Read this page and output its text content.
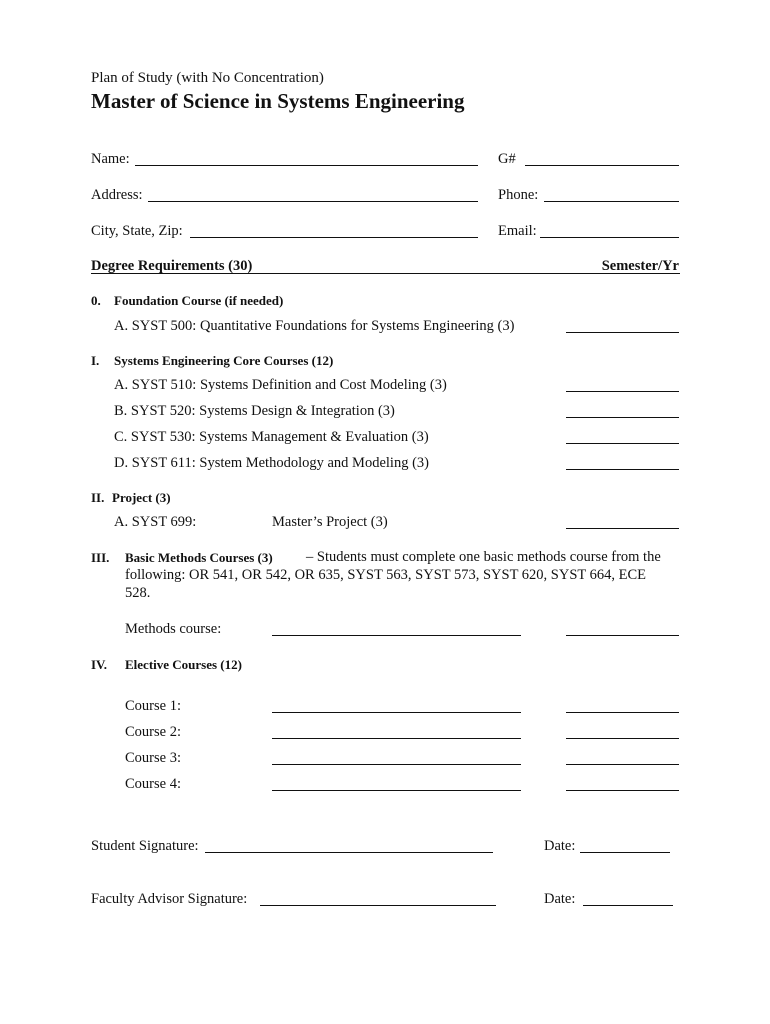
Plan of Study (with No Concentration)
Master of Science in Systems Engineering
Name:	G#
Address:	Phone:
City, State, Zip:	Email:
Degree Requirements (30)	Semester/Yr
0. Foundation Course (if needed)
A. SYST 500: Quantitative Foundations for Systems Engineering (3)
I. Systems Engineering Core Courses (12)
A. SYST 510: Systems Definition and Cost Modeling (3)
B. SYST 520: Systems Design & Integration (3)
C. SYST 530: Systems Management & Evaluation (3)
D. SYST 611: System Methodology and Modeling (3)
II. Project (3)
A. SYST 699:	Master’s Project (3)
III. Basic Methods Courses (3) – Students must complete one basic methods course from the
following: OR 541, OR 542, OR 635, SYST 563, SYST 573, SYST 620, SYST 664, ECE
528.
Methods course:
IV. Elective Courses (12)
Course 1:
Course 2:
Course 3:
Course 4:
Student Signature:	Date:
Faculty Advisor Signature:	Date:
